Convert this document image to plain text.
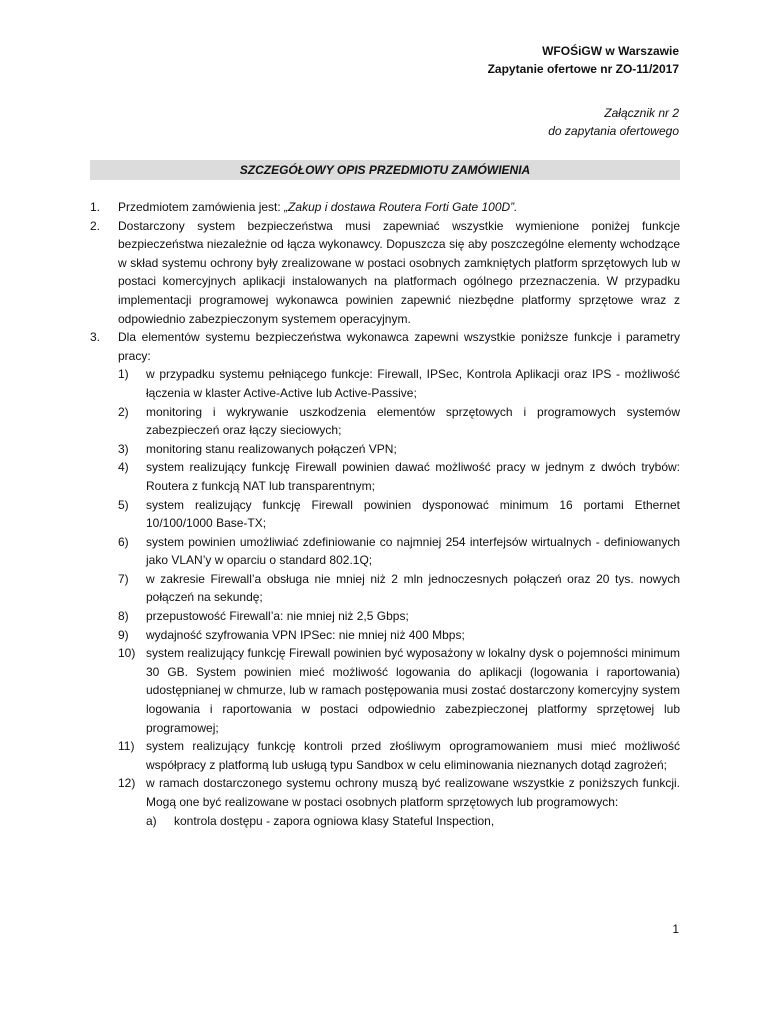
WFOŚiGW w Warszawie
Zapytanie ofertowe nr ZO-11/2017
Załącznik nr 2
do zapytania ofertowego
SZCZEGÓŁOWY OPIS PRZEDMIOTU ZAMÓWIENIA
1.	Przedmiotem zamówienia jest: „Zakup i dostawa Routera Forti Gate 100D”.
2.	Dostarczony system bezpieczeństwa musi zapewniać wszystkie wymienione poniżej funkcje bezpieczeństwa niezależnie od łącza wykonawcy. Dopuszcza się aby poszczególne elementy wchodzące w skład systemu ochrony były zrealizowane w postaci osobnych zamkniętych platform sprzętowych lub w postaci komercyjnych aplikacji instalowanych na platformach ogólnego przeznaczenia. W przypadku implementacji programowej wykonawca powinien zapewnić niezbędne platformy sprzętowe wraz z odpowiednio zabezpieczonym systemem operacyjnym.
3.	Dla elementów systemu bezpieczeństwa wykonawca zapewni wszystkie poniższe funkcje i parametry pracy:
1)	w przypadku systemu pełniącego funkcje: Firewall, IPSec, Kontrola Aplikacji oraz IPS - możliwość łączenia w klaster Active-Active lub Active-Passive;
2)	monitoring i wykrywanie uszkodzenia elementów sprzętowych i programowych systemów zabezpieczeń oraz łączy sieciowych;
3)	monitoring stanu realizowanych połączeń VPN;
4)	system realizujący funkcję Firewall powinien dawać możliwość pracy w jednym z dwóch trybów: Routera z funkcją NAT lub transparentnym;
5)	system realizujący funkcję Firewall powinien dysponować minimum 16 portami Ethernet 10/100/1000 Base-TX;
6)	system powinien umożliwiać zdefiniowanie co najmniej 254 interfejsów wirtualnych - definiowanych jako VLAN’y w oparciu o standard 802.1Q;
7)	w zakresie Firewall’a obsługa nie mniej niż 2 mln jednoczesnych połączeń oraz 20 tys. nowych połączeń na sekundę;
8)	przepustowość Firewall’a: nie mniej niż 2,5 Gbps;
9)	wydajność szyfrowania VPN IPSec: nie mniej niż 400 Mbps;
10) system realizujący funkcję Firewall powinien być wyposażony w lokalny dysk o pojemności minimum 30 GB. System powinien mieć możliwość logowania do aplikacji (logowania i raportowania) udostępnianej w chmurze, lub w ramach postępowania musi zostać dostarczony komercyjny system logowania i raportowania w postaci odpowiednio zabezpieczonej platformy sprzętowej lub programowej;
11) system realizujący funkcję kontroli przed złośliwym oprogramowaniem musi mieć możliwość współpracy z platformą lub usługą typu Sandbox w celu eliminowania nieznanych dotąd zagrożeń;
12) w ramach dostarczonego systemu ochrony muszą być realizowane wszystkie z poniższych funkcji. Mogą one być realizowane w postaci osobnych platform sprzętowych lub programowych:
a)	kontrola dostępu - zapora ogniowa klasy Stateful Inspection,
1
